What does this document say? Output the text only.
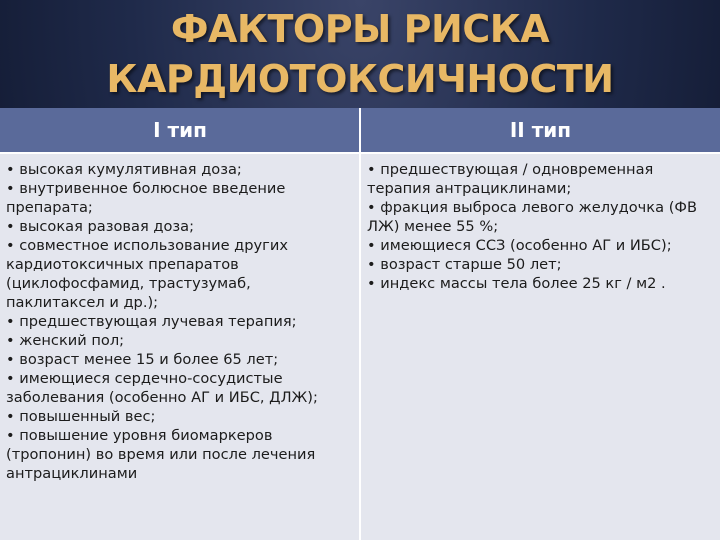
ФАКТОРЫ РИСКА
КАРДИОТОКСИЧНОСТИ
I тип	II тип

• высокая кумулятивная доза;

• внутривенное болюсное введение препарата;

• высокая разовая доза;

• совместное использование других кардиотоксичных препаратов (циклофосфамид, трастузумаб, паклитаксел и др.);

• предшествующая лучевая терапия;

• женский пол;

• возраст менее 15 и более 65 лет;

• имеющиеся сердечно-сосудистые заболевания (особенно АГ и ИБС, ДЛЖ);

• повышенный вес;

• повышение уровня биомаркеров (тропонин) во время или после лечения антрациклинами

• предшествующая / одновременная терапия антрациклинами;

• фракция выброса левого желудочка (ФВ ЛЖ) менее 55 %;

• имеющиеся ССЗ (особенно АГ и ИБС);

• возраст старше 50 лет;

• индекс массы тела более 25 кг / м2 .
